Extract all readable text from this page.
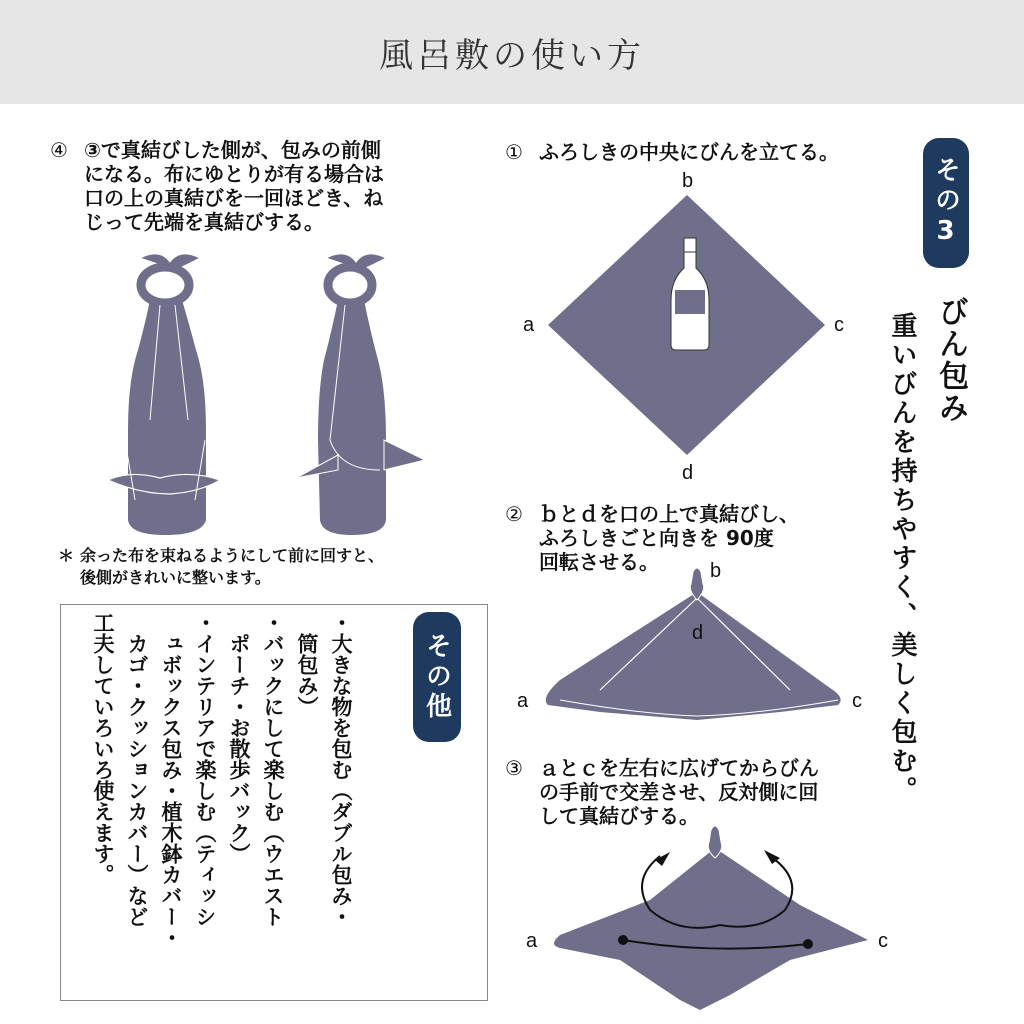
風呂敷の使い方
④ ③で真結びした側が、包みの前側
になる。布にゆとりが有る場合は
口の上の真結びを一回ほどき、ね
じって先端を真結びする。
① ふろしきの中央にびんを立てる。
② ｂとｄを口の上で真結びし、
ふろしきごと向きを 90度
回転させる。
③ ａとｃを左右に広げてからびん
の手前で交差させ、反対側に回
して真結びする。
＊ 余った布を束ねるようにして前に回すと、
後側がきれいに整います。
その3
その他
びん包み
重いびんを持ちやすく、美しく包む。

・大きな物を包む（ダブル包み・

　筒包み）

・バックにして楽しむ（ウエスト

　ポーチ・お散歩バック）

・インテリアで楽しむ（ティッシ

　ュボックス包み・植木鉢カバー・

　カゴ・クッションカバー）など

工夫していろいろ使えます。

b
a	c
d
b
d
a	c
a	c
